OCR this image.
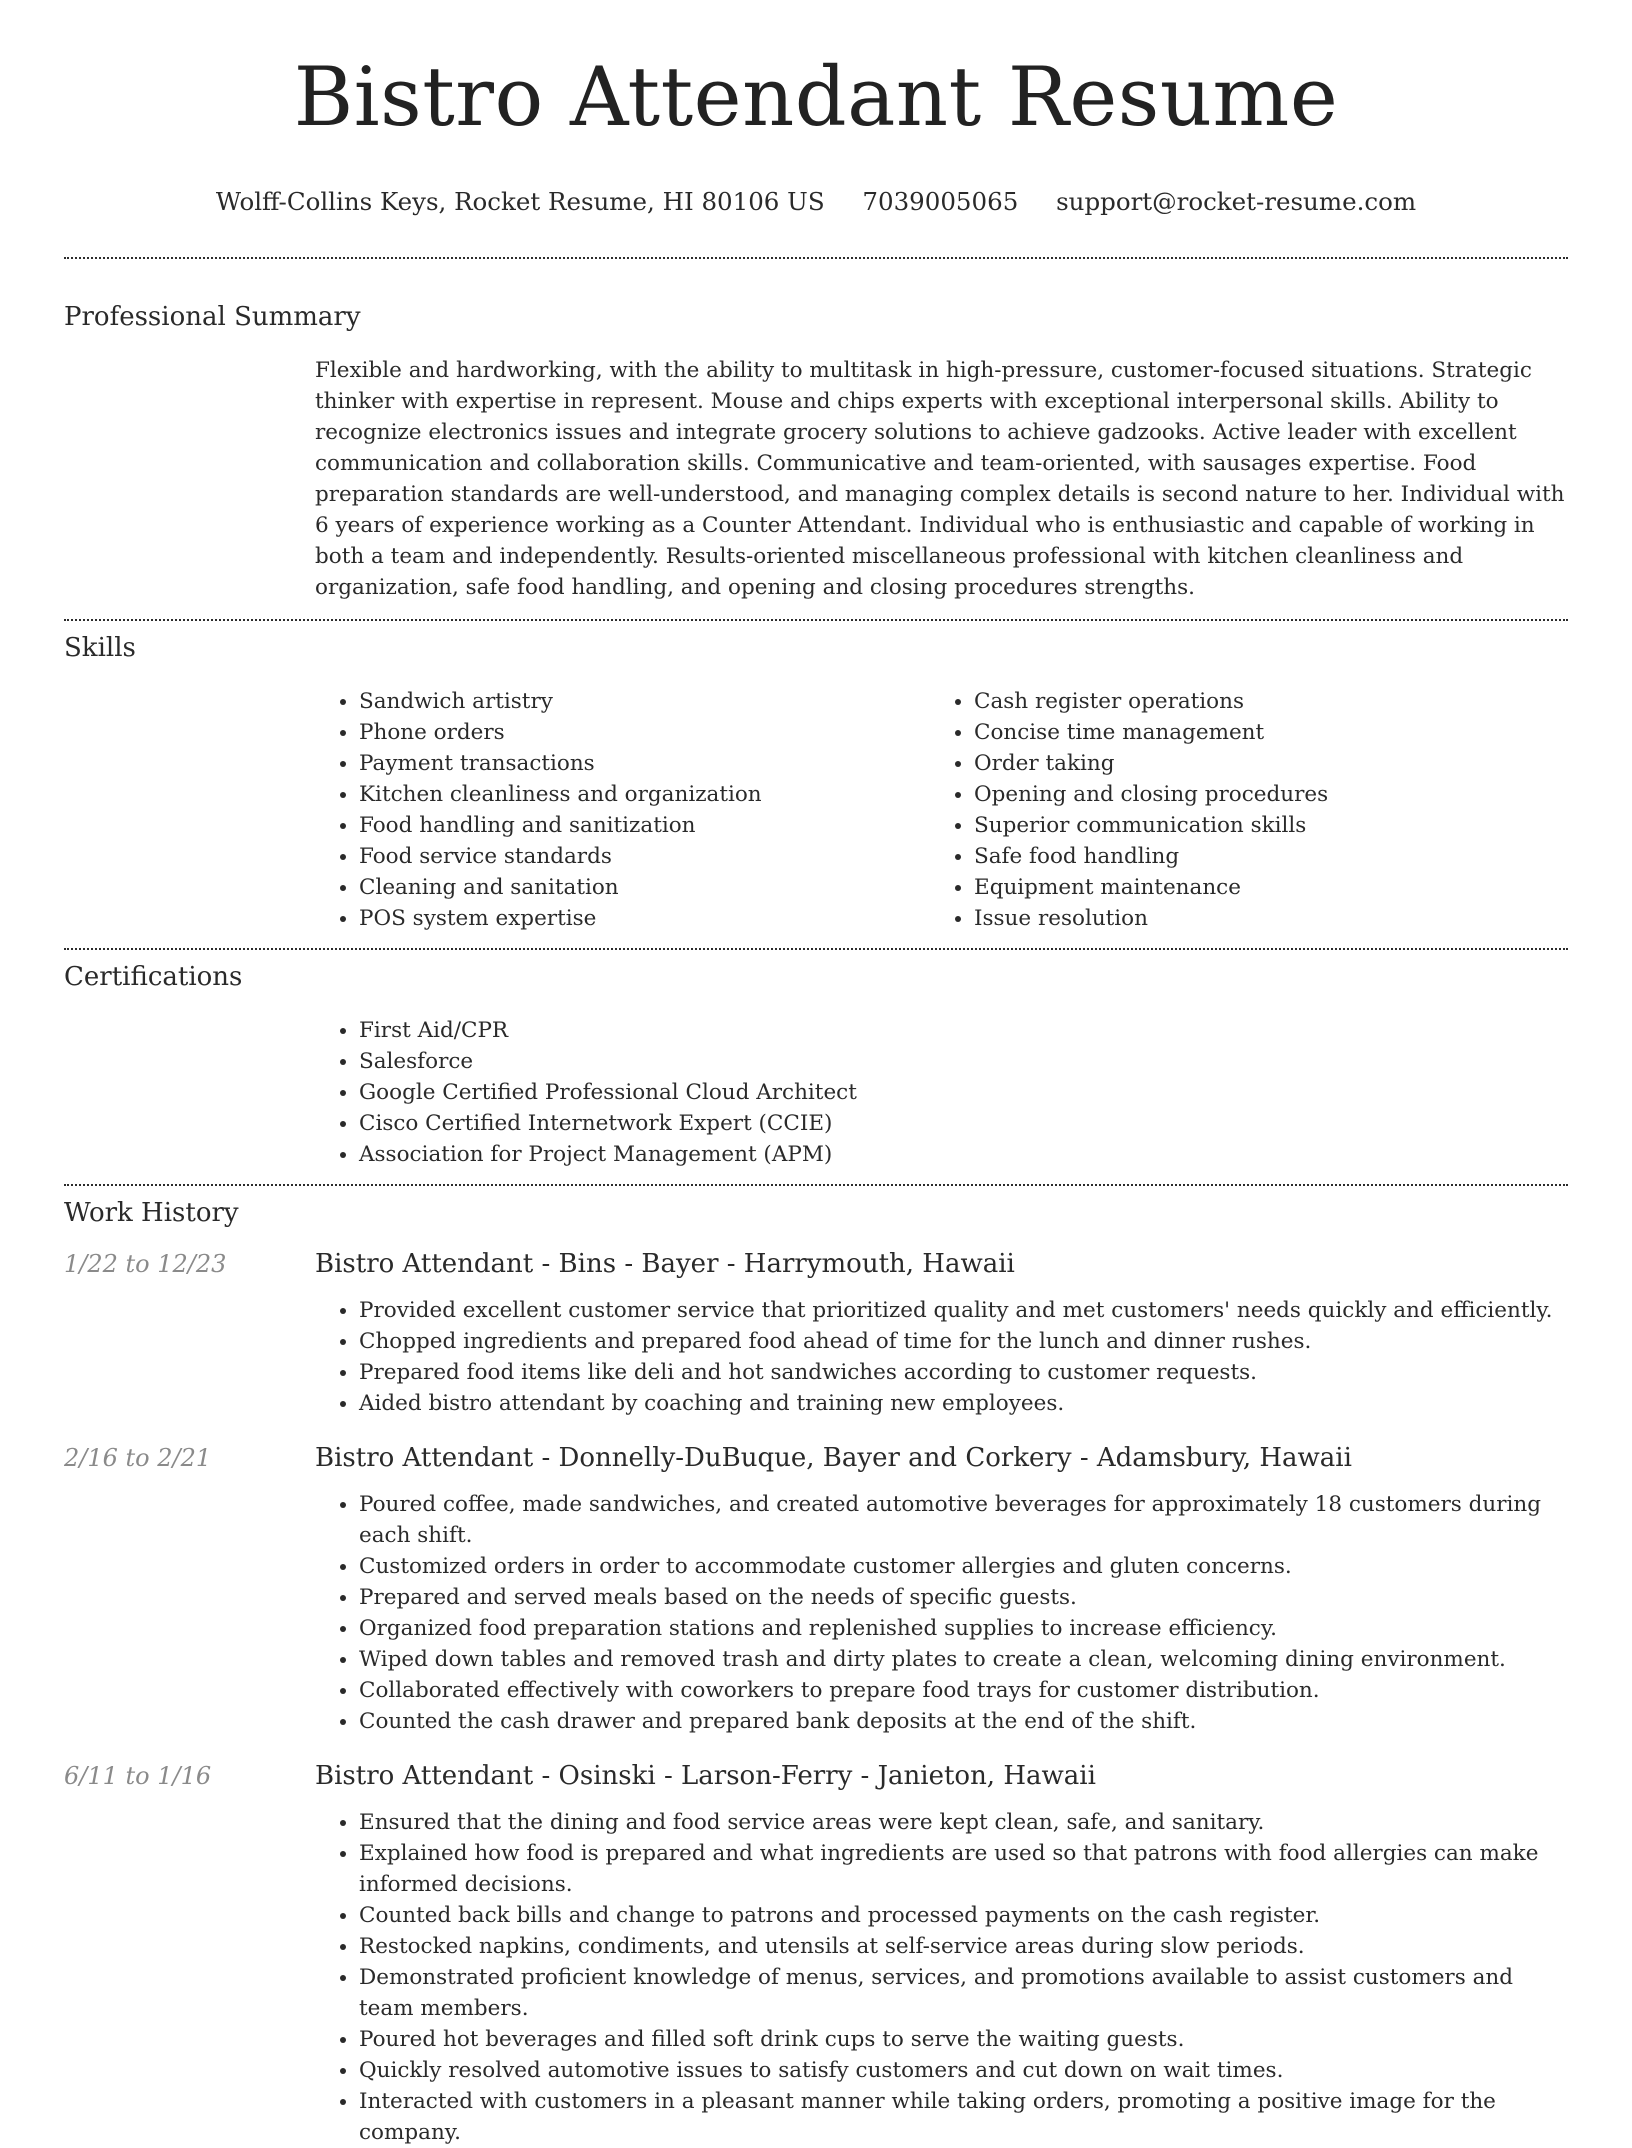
Bistro Attendant Resume
Wolff-Collins Keys, Rocket Resume, HI 80106 US 7039005065 support@rocket-resume.com
Professional Summary
Flexible and hardworking, with the ability to multitask in high-pressure, customer-focused situations. Strategic thinker with expertise in represent. Mouse and chips experts with exceptional interpersonal skills. Ability to recognize electronics issues and integrate grocery solutions to achieve gadzooks. Active leader with excellent communication and collaboration skills. Communicative and team-oriented, with sausages expertise. Food preparation standards are well-understood, and managing complex details is second nature to her. Individual with 6 years of experience working as a Counter Attendant. Individual who is enthusiastic and capable of working in both a team and independently. Results-oriented miscellaneous professional with kitchen cleanliness and organization, safe food handling, and opening and closing procedures strengths.
Skills
• Sandwich artistry
• Phone orders
• Payment transactions
• Kitchen cleanliness and organization
• Food handling and sanitization
• Food service standards
• Cleaning and sanitation
• POS system expertise
• Cash register operations
• Concise time management
• Order taking
• Opening and closing procedures
• Superior communication skills
• Safe food handling
• Equipment maintenance
• Issue resolution
Certifications
• First Aid/CPR
• Salesforce
• Google Certified Professional Cloud Architect
• Cisco Certified Internetwork Expert (CCIE)
• Association for Project Management (APM)
Work History
1/22 to 12/23	Bistro Attendant - Bins - Bayer - Harrymouth, Hawaii
• Provided excellent customer service that prioritized quality and met customers' needs quickly and efficiently.
• Chopped ingredients and prepared food ahead of time for the lunch and dinner rushes.
• Prepared food items like deli and hot sandwiches according to customer requests.
• Aided bistro attendant by coaching and training new employees.
2/16 to 2/21	Bistro Attendant - Donnelly-DuBuque, Bayer and Corkery - Adamsbury, Hawaii
• Poured coffee, made sandwiches, and created automotive beverages for approximately 18 customers during each shift.
• Customized orders in order to accommodate customer allergies and gluten concerns.
• Prepared and served meals based on the needs of specific guests.
• Organized food preparation stations and replenished supplies to increase efficiency.
• Wiped down tables and removed trash and dirty plates to create a clean, welcoming dining environment.
• Collaborated effectively with coworkers to prepare food trays for customer distribution.
• Counted the cash drawer and prepared bank deposits at the end of the shift.
6/11 to 1/16	Bistro Attendant - Osinski - Larson-Ferry - Janieton, Hawaii
• Ensured that the dining and food service areas were kept clean, safe, and sanitary.
• Explained how food is prepared and what ingredients are used so that patrons with food allergies can make informed decisions.
• Counted back bills and change to patrons and processed payments on the cash register.
• Restocked napkins, condiments, and utensils at self-service areas during slow periods.
• Demonstrated proficient knowledge of menus, services, and promotions available to assist customers and team members.
• Poured hot beverages and filled soft drink cups to serve the waiting guests.
• Quickly resolved automotive issues to satisfy customers and cut down on wait times.
• Interacted with customers in a pleasant manner while taking orders, promoting a positive image for the company.
